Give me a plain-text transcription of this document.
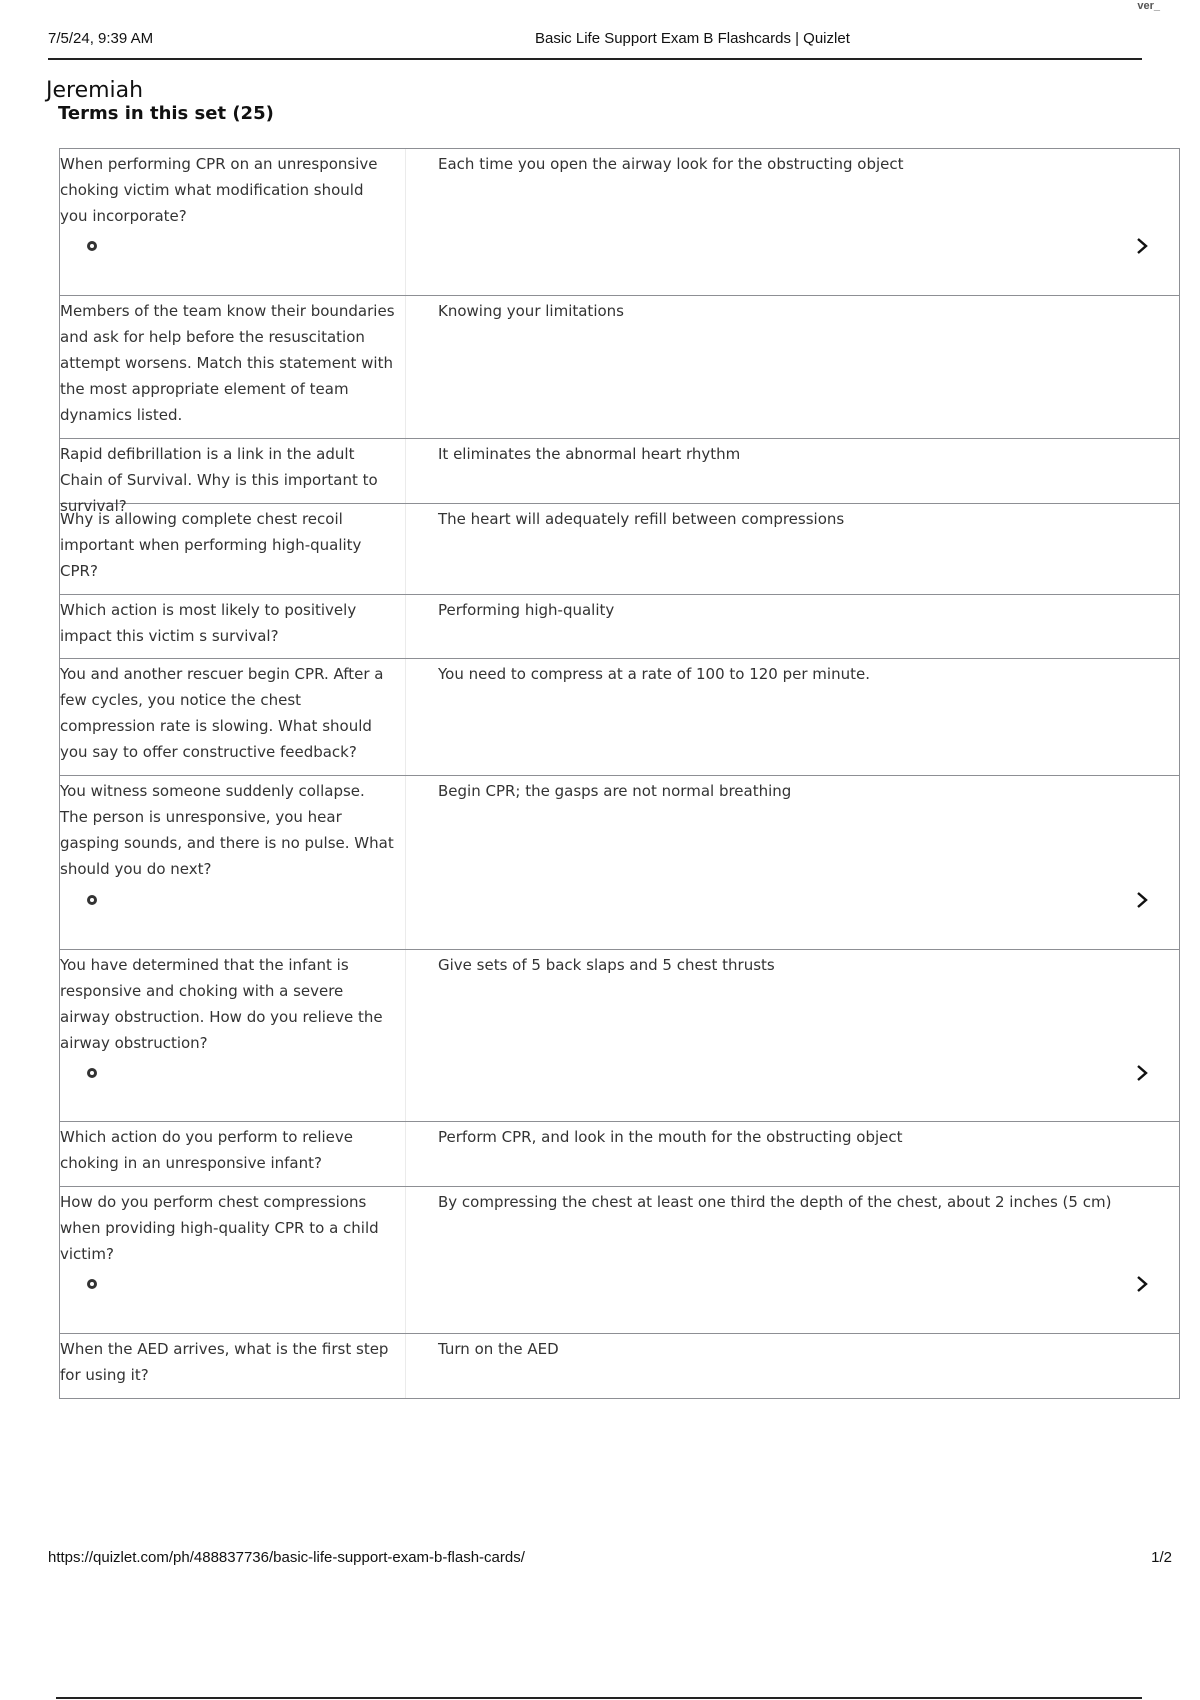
ver_
7/5/24, 9:39 AM	Basic Life Support Exam B Flashcards | Quizlet
Jeremiah
Terms in this set (25)
When performing CPR on an unresponsive choking victim what modification should you incorporate?
Each time you open the airway look for the obstructing object
Members of the team know their boundaries and ask for help before the resuscitation attempt worsens. Match this statement with the most appropriate element of team dynamics listed.
Knowing your limitations
Rapid defibrillation is a link in the adult Chain of Survival. Why is this important to survival?
It eliminates the abnormal heart rhythm
Why is allowing complete chest recoil important when performing high-quality CPR?
The heart will adequately refill between compressions
Which action is most likely to positively impact this victim s survival?
Performing high-quality
You and another rescuer begin CPR. After a few cycles, you notice the chest compression rate is slowing. What should you say to offer constructive feedback?
You need to compress at a rate of 100 to 120 per minute.
You witness someone suddenly collapse. The person is unresponsive, you hear gasping sounds, and there is no pulse. What should you do next?
Begin CPR; the gasps are not normal breathing
You have determined that the infant is responsive and choking with a severe airway obstruction. How do you relieve the airway obstruction?
Give sets of 5 back slaps and 5 chest thrusts
Which action do you perform to relieve choking in an unresponsive infant?
Perform CPR, and look in the mouth for the obstructing object
How do you perform chest compressions when providing high-quality CPR to a child victim?
By compressing the chest at least one third the depth of the chest, about 2 inches (5 cm)
When the AED arrives, what is the first step for using it?
Turn on the AED
https://quizlet.com/ph/488837736/basic-life-support-exam-b-flash-cards/	1/2
